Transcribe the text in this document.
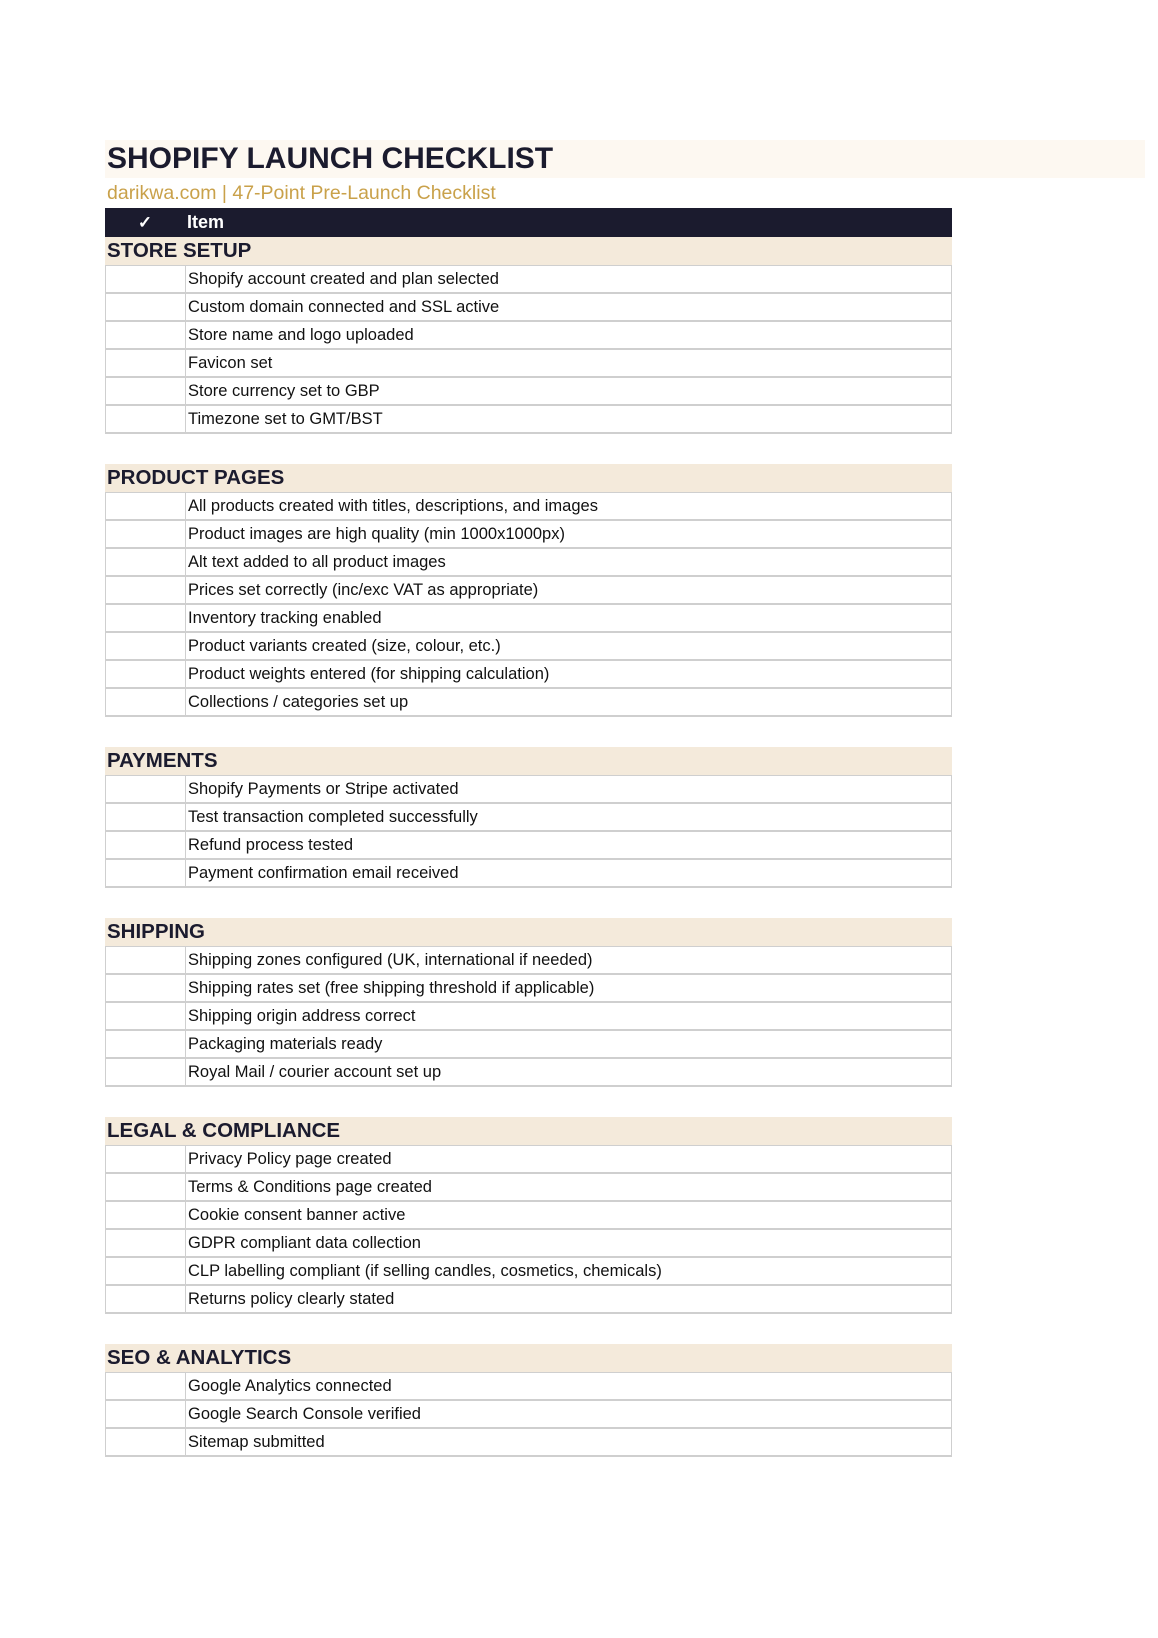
SHOPIFY LAUNCH CHECKLIST
darikwa.com | 47-Point Pre-Launch Checklist
✓	Item
STORE SETUP
Shopify account created and plan selected
Custom domain connected and SSL active
Store name and logo uploaded
Favicon set
Store currency set to GBP
Timezone set to GMT/BST
PRODUCT PAGES
All products created with titles, descriptions, and images
Product images are high quality (min 1000x1000px)
Alt text added to all product images
Prices set correctly (inc/exc VAT as appropriate)
Inventory tracking enabled
Product variants created (size, colour, etc.)
Product weights entered (for shipping calculation)
Collections / categories set up
PAYMENTS
Shopify Payments or Stripe activated
Test transaction completed successfully
Refund process tested
Payment confirmation email received
SHIPPING
Shipping zones configured (UK, international if needed)
Shipping rates set (free shipping threshold if applicable)
Shipping origin address correct
Packaging materials ready
Royal Mail / courier account set up
LEGAL & COMPLIANCE
Privacy Policy page created
Terms & Conditions page created
Cookie consent banner active
GDPR compliant data collection
CLP labelling compliant (if selling candles, cosmetics, chemicals)
Returns policy clearly stated
SEO & ANALYTICS
Google Analytics connected
Google Search Console verified
Sitemap submitted
